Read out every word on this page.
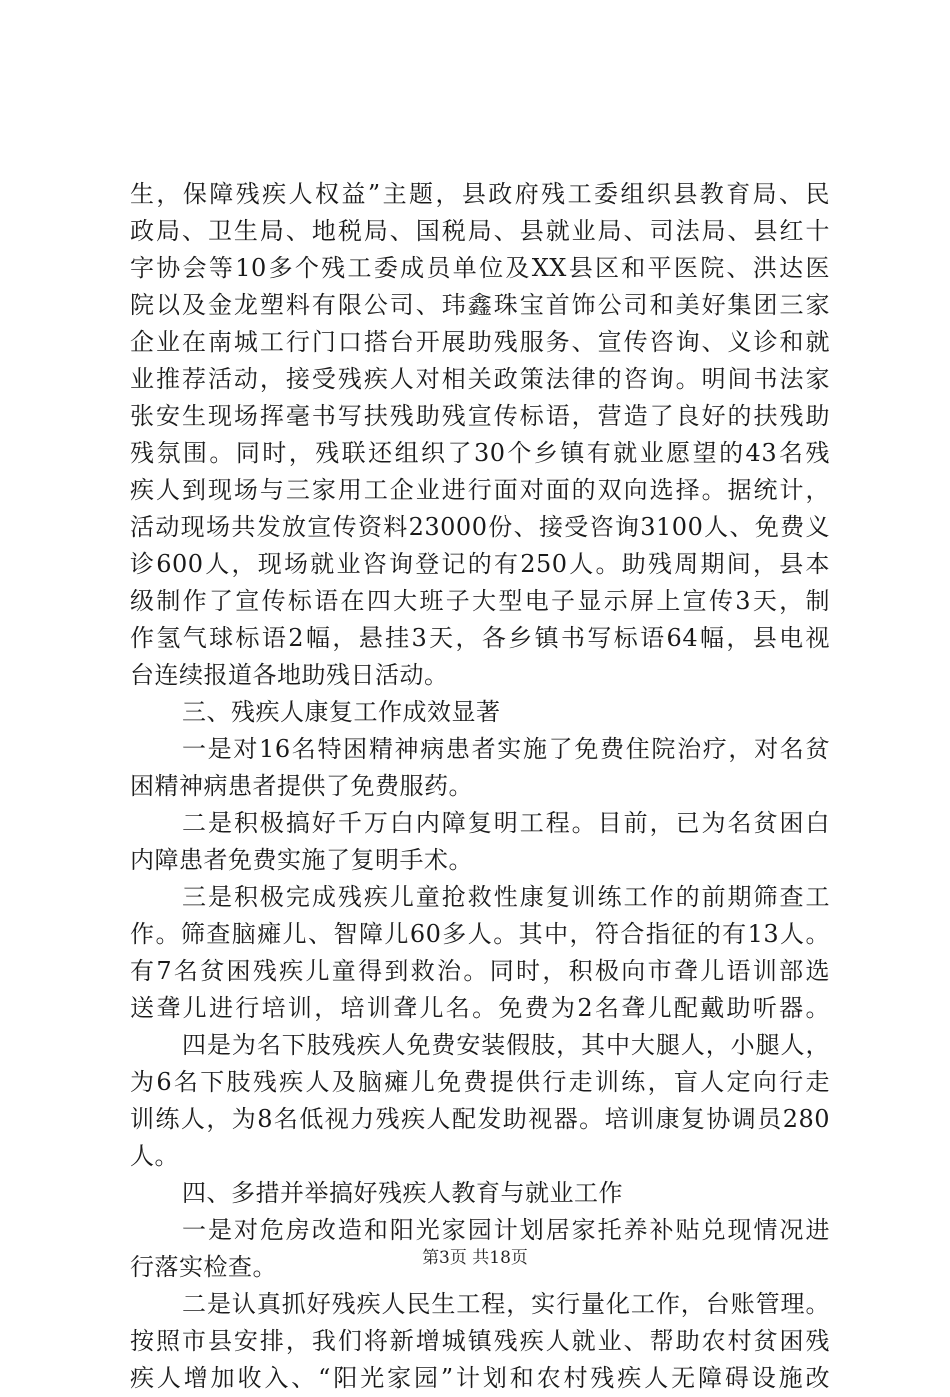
生，保障残疾人权益”主题，县政府残工委组织县教育局、民
政局、卫生局、地税局、国税局、县就业局、司法局、县红十
字协会等10多个残工委成员单位及XX县区和平医院、洪达医
院以及金龙塑料有限公司、玮鑫珠宝首饰公司和美好集团三家
企业在南城工行门口搭台开展助残服务、宣传咨询、义诊和就
业推荐活动，接受残疾人对相关政策法律的咨询。明间书法家
张安生现场挥毫书写扶残助残宣传标语，营造了良好的扶残助
残氛围。同时，残联还组织了30个乡镇有就业愿望的43名残
疾人到现场与三家用工企业进行面对面的双向选择。据统计，
活动现场共发放宣传资料23000份、接受咨询3100人、免费义
诊600人，现场就业咨询登记的有250人。助残周期间，县本
级制作了宣传标语在四大班子大型电子显示屏上宣传3天，制
作氢气球标语2幅，悬挂3天，各乡镇书写标语64幅，县电视
台连续报道各地助残日活动。
三、残疾人康复工作成效显著
一是对16名特困精神病患者实施了免费住院治疗，对名贫
困精神病患者提供了免费服药。
二是积极搞好千万白内障复明工程。目前，已为名贫困白
内障患者免费实施了复明手术。
三是积极完成残疾儿童抢救性康复训练工作的前期筛查工
作。筛查脑瘫儿、智障儿60多人。其中，符合指征的有13人。
有7名贫困残疾儿童得到救治。同时，积极向市聋儿语训部选
送聋儿进行培训，培训聋儿名。免费为2名聋儿配戴助听器。
四是为名下肢残疾人免费安装假肢，其中大腿人，小腿人，
为6名下肢残疾人及脑瘫儿免费提供行走训练，盲人定向行走
训练人，为8名低视力残疾人配发助视器。培训康复协调员280
人。
四、多措并举搞好残疾人教育与就业工作
一是对危房改造和阳光家园计划居家托养补贴兑现情况进
行落实检查。
二是认真抓好残疾人民生工程，实行量化工作，台账管理。
按照市县安排，我们将新增城镇残疾人就业、帮助农村贫困残
疾人增加收入、“阳光家园”计划和农村残疾人无障碍设施改
第3页 共18页
